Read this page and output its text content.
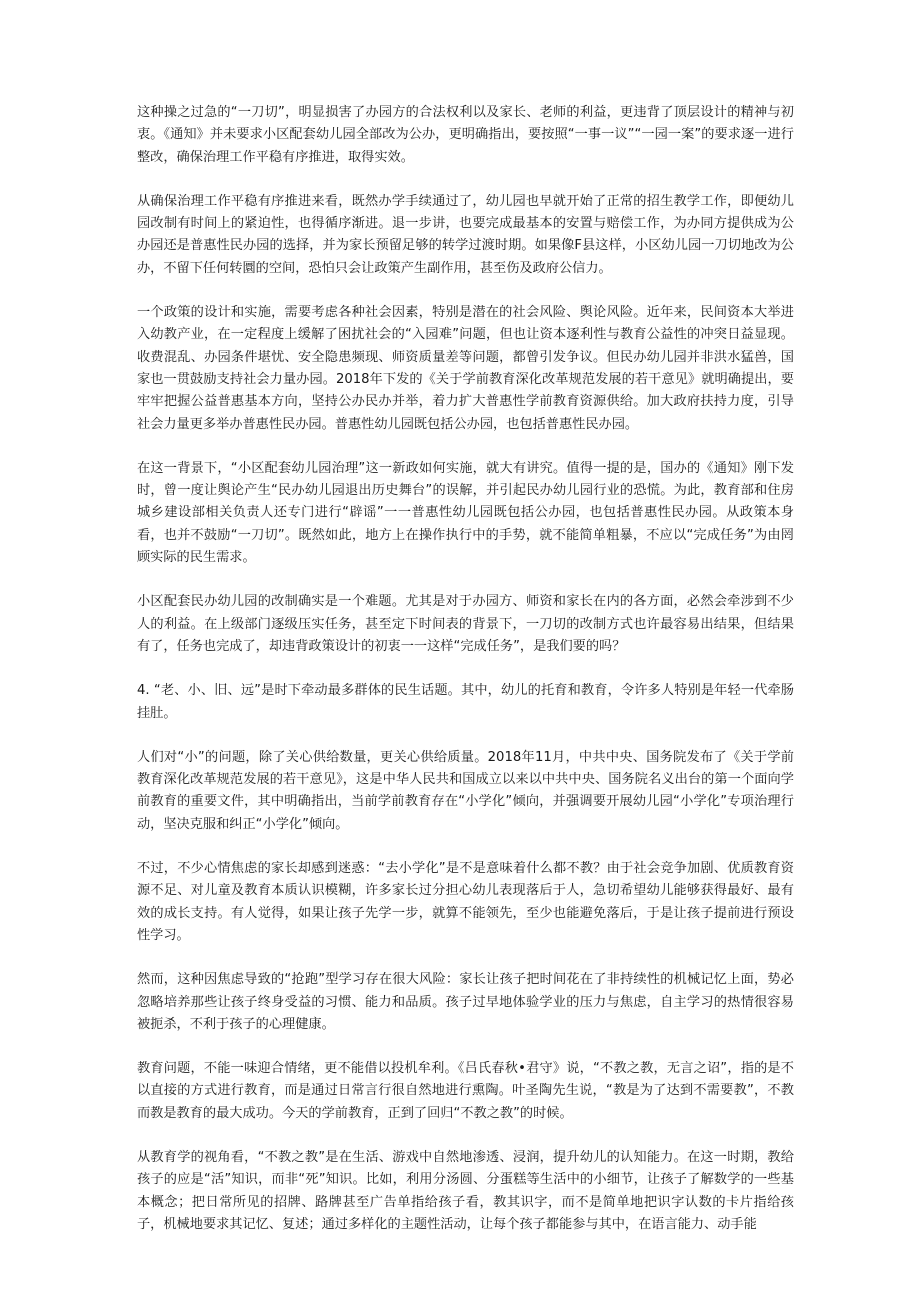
这种操之过急的“一刀切”，明显损害了办园方的合法权利以及家长、老师的利益，更违背了顶层设计的精神与初衷。《通知》并未要求小区配套幼儿园全部改为公办，更明确指出，要按照“一事一议”“一园一案”的要求逐一进行整改，确保治理工作平稳有序推进，取得实效。

从确保治理工作平稳有序推进来看，既然办学手续通过了，幼儿园也早就开始了正常的招生教学工作，即便幼儿园改制有时间上的紧迫性，也得循序渐进。退一步讲，也要完成最基本的安置与赔偿工作，为办同方提供成为公办园还是普惠性民办园的选择，并为家长预留足够的转学过渡时期。如果像F县这样，小区幼儿园一刀切地改为公办，不留下任何转圜的空间，恐怕只会让政策产生副作用，甚至伤及政府公信力。

一个政策的设计和实施，需要考虑各种社会因素，特别是潜在的社会风险、舆论风险。近年来，民间资本大举进入幼教产业，在一定程度上缓解了困扰社会的“入园难”问题，但也让资本逐利性与教育公益性的冲突日益显现。收费混乱、办园条件堪忧、安全隐患频现、师资质量差等问题，都曾引发争议。但民办幼儿园并非洪水猛兽，国家也一贯鼓励支持社会力量办园。2018年下发的《关于学前教育深化改革规范发展的若干意见》就明确提出，要牢牢把握公益普惠基本方向，坚持公办民办并举，着力扩大普惠性学前教育资源供给。加大政府扶持力度，引导社会力量更多举办普惠性民办园。普惠性幼儿园既包括公办园，也包括普惠性民办园。

在这一背景下，“小区配套幼儿园治理”这一新政如何实施，就大有讲究。值得一提的是，国办的《通知》刚下发时，曾一度让舆论产生“民办幼儿园退出历史舞台”的误解，并引起民办幼儿园行业的恐慌。为此，教育部和住房城乡建设部相关负责人还专门进行“辟谣”一一普惠性幼儿园既包括公办园，也包括普惠性民办园。从政策本身看，也并不鼓励“一刀切”。既然如此，地方上在操作执行中的手势，就不能简单粗暴，不应以“完成任务”为由罔顾实际的民生需求。

小区配套民办幼儿园的改制确实是一个难题。尤其是对于办园方、师资和家长在内的各方面，必然会牵涉到不少人的利益。在上级部门逐级压实任务，甚至定下时间表的背景下，一刀切的改制方式也许最容易出结果，但结果有了，任务也完成了，却违背政策设计的初衷一一这样“完成任务”，是我们要的吗？

4. “老、小、旧、远”是时下牵动最多群体的民生话题。其中，幼儿的托育和教育，令许多人特别是年轻一代牵肠挂肚。

人们对“小”的问题，除了关心供给数量，更关心供给质量。2018年11月，中共中央、国务院发布了《关于学前教育深化改革规范发展的若干意见》，这是中华人民共和国成立以来以中共中央、国务院名义出台的第一个面向学前教育的重要文件，其中明确指出，当前学前教育存在“小学化”倾向，并强调要开展幼儿园“小学化”专项治理行动，坚决克服和纠正“小学化”倾向。

不过，不少心情焦虑的家长却感到迷惑：“去小学化”是不是意味着什么都不教？由于社会竞争加剧、优质教育资源不足、对儿童及教育本质认识模糊，许多家长过分担心幼儿表现落后于人，急切希望幼儿能够获得最好、最有效的成长支持。有人觉得，如果让孩子先学一步，就算不能领先，至少也能避免落后，于是让孩子提前进行预设性学习。

然而，这种因焦虑导致的“抢跑”型学习存在很大风险：家长让孩子把时间花在了非持续性的机械记忆上面，势必忽略培养那些让孩子终身受益的习惯、能力和品质。孩子过早地体验学业的压力与焦虑，自主学习的热情很容易被扼杀，不利于孩子的心理健康。

教育问题，不能一味迎合情绪，更不能借以投机牟利。《吕氏春秋•君守》说，“不教之教，无言之诏”，指的是不以直接的方式进行教育，而是通过日常言行很自然地进行熏陶。叶圣陶先生说，“教是为了达到不需要教”，不教而教是教育的最大成功。今天的学前教育，正到了回归“不教之教”的时候。

从教育学的视角看，“不教之教”是在生活、游戏中自然地渗透、浸润，提升幼儿的认知能力。在这一时期，教给孩子的应是“活”知识，而非“死”知识。比如，利用分汤圆、分蛋糕等生活中的小细节，让孩子了解数学的一些基本概念；把日常所见的招牌、路牌甚至广告单指给孩子看，教其识字，而不是简单地把识字认数的卡片指给孩子，机械地要求其记忆、复述；通过多样化的主题性活动，让每个孩子都能参与其中，在语言能力、动手能
